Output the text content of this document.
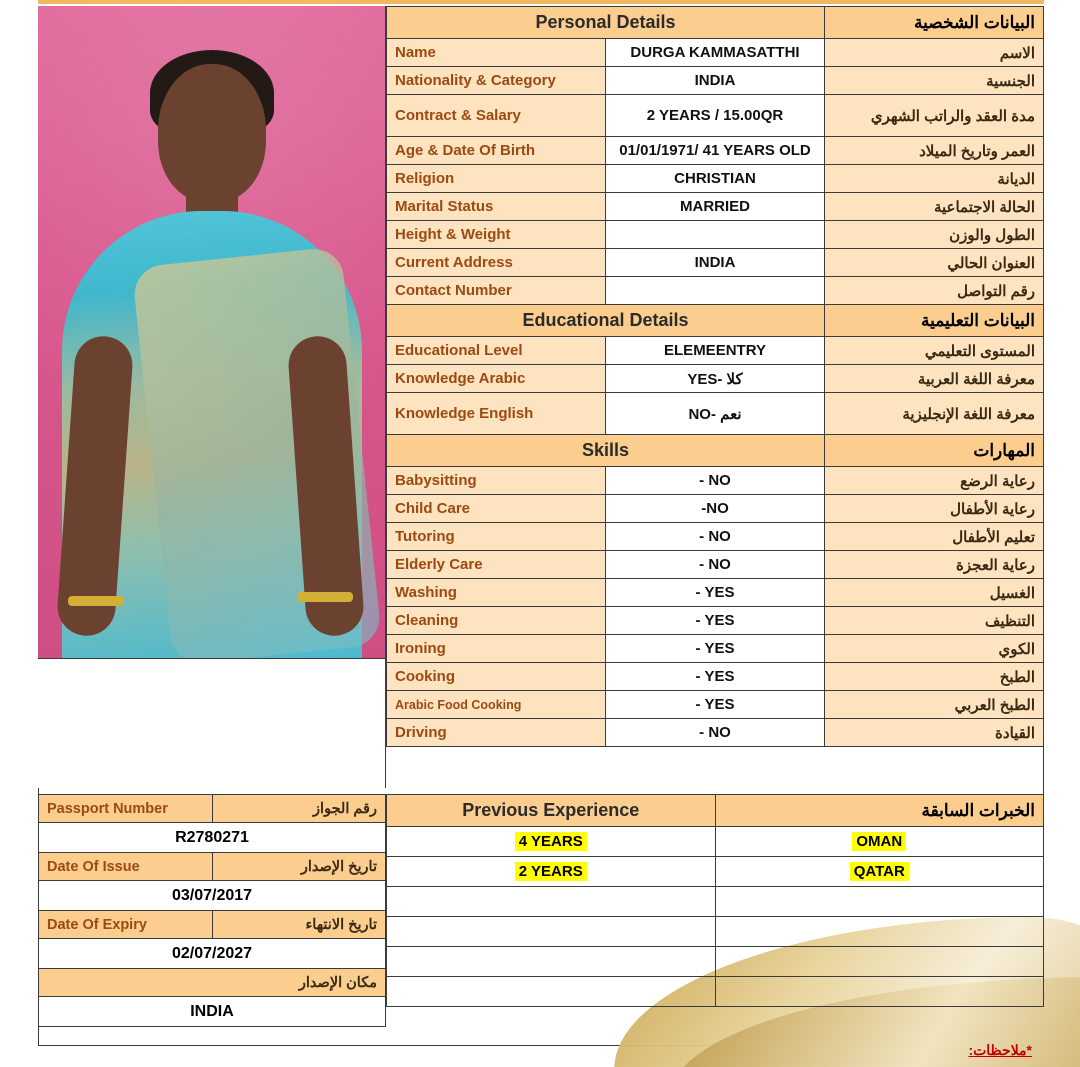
Personal Details		البيانات الشخصية
Name	DURGA KAMMASATTHI	الاسم
Nationality & Category	INDIA	الجنسية
Contract & Salary	2 YEARS / 15.00QR	مدة العقد والراتب الشهري
Age & Date Of Birth	01/01/1971/ 41 YEARS OLD	العمر وتاريخ الميلاد
Religion	CHRISTIAN	الديانة
Marital Status	MARRIED	الحالة الاجتماعية
Height & Weight		الطول والوزن
Current Address	INDIA	العنوان الحالي
Contact Number		رقم التواصل
Educational Details		البيانات التعليمية
Educational Level	ELEMEENTRY	المستوى التعليمي
Knowledge Arabic	YES- كلا	معرفة اللغة العربية
Knowledge English	NO- نعم	معرفة اللغة الإنجليزية
Skills		المهارات
Babysitting	- NO	رعاية الرضع
Child Care	-NO	رعاية الأطفال
Tutoring	- NO	تعليم الأطفال
Elderly Care	- NO	رعاية العجزة
Washing	- YES	الغسيل
Cleaning	- YES	التنظيف
Ironing	- YES	الكوي
Cooking	- YES	الطبخ
Arabic Food Cooking	- YES	الطبخ العربي
Driving	- NO	القيادة
Passport Number	رقم الجواز
R2780271	
Date Of Issue	تاريخ الإصدار
03/07/2017	
Date Of Expiry	تاريخ الانتهاء
02/07/2027	
مكان الإصدار	
INDIA	
Previous Experience	الخبرات السابقة
4 YEARS	OMAN
2 YEARS	QATAR

*ملاحظات:
